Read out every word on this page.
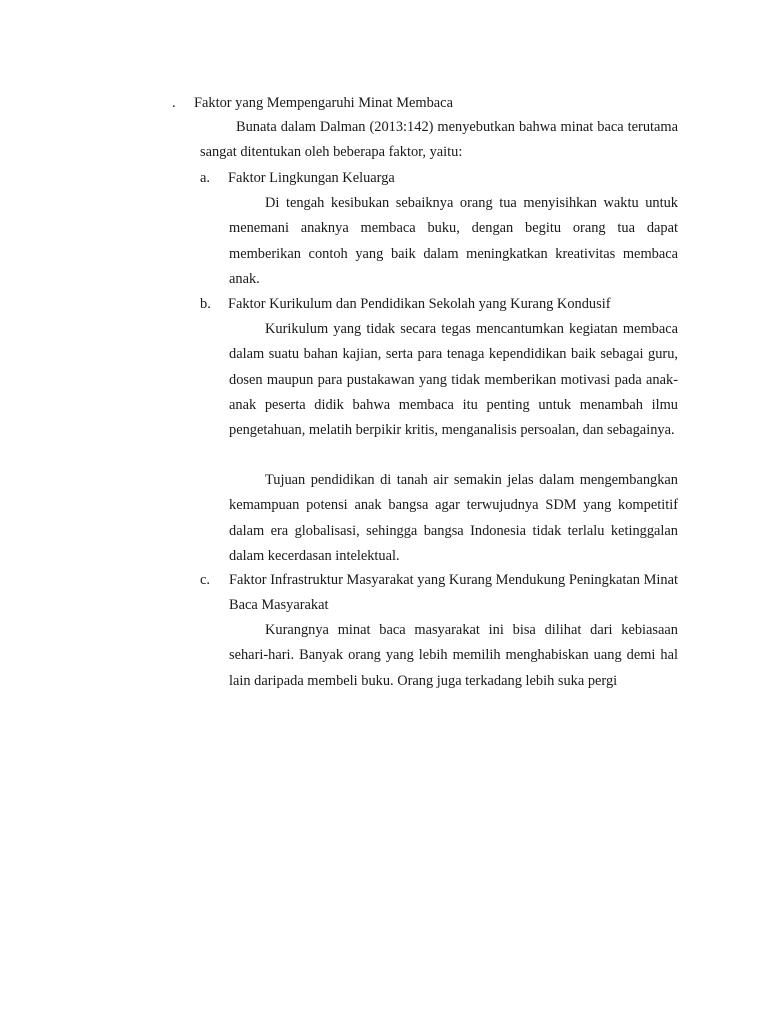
. Faktor yang Mempengaruhi Minat Membaca

Bunata dalam Dalman (2013:142) menyebutkan bahwa minat baca terutama sangat ditentukan oleh beberapa faktor, yaitu:

a. Faktor Lingkungan Keluarga

Di tengah kesibukan sebaiknya orang tua menyisihkan waktu untuk menemani anaknya membaca buku, dengan begitu orang tua dapat memberikan contoh yang baik dalam meningkatkan kreativitas membaca anak.

b. Faktor Kurikulum dan Pendidikan Sekolah yang Kurang Kondusif

Kurikulum yang tidak secara tegas mencantumkan kegiatan membaca dalam suatu bahan kajian, serta para tenaga kependidikan baik sebagai guru, dosen maupun para pustakawan yang tidak memberikan motivasi pada anak-anak peserta didik bahwa membaca itu penting untuk menambah ilmu pengetahuan, melatih berpikir kritis, menganalisis persoalan, dan sebagainya.

Tujuan pendidikan di tanah air semakin jelas dalam mengembangkan kemampuan potensi anak bangsa agar terwujudnya SDM yang kompetitif dalam era globalisasi, sehingga bangsa Indonesia tidak terlalu ketinggalan dalam kecerdasan intelektual.

c. Faktor Infrastruktur Masyarakat yang Kurang Mendukung Peningkatan Minat Baca Masyarakat

Kurangnya minat baca masyarakat ini bisa dilihat dari kebiasaan sehari-hari. Banyak orang yang lebih memilih menghabiskan uang demi hal lain daripada membeli buku. Orang juga terkadang lebih suka pergi
